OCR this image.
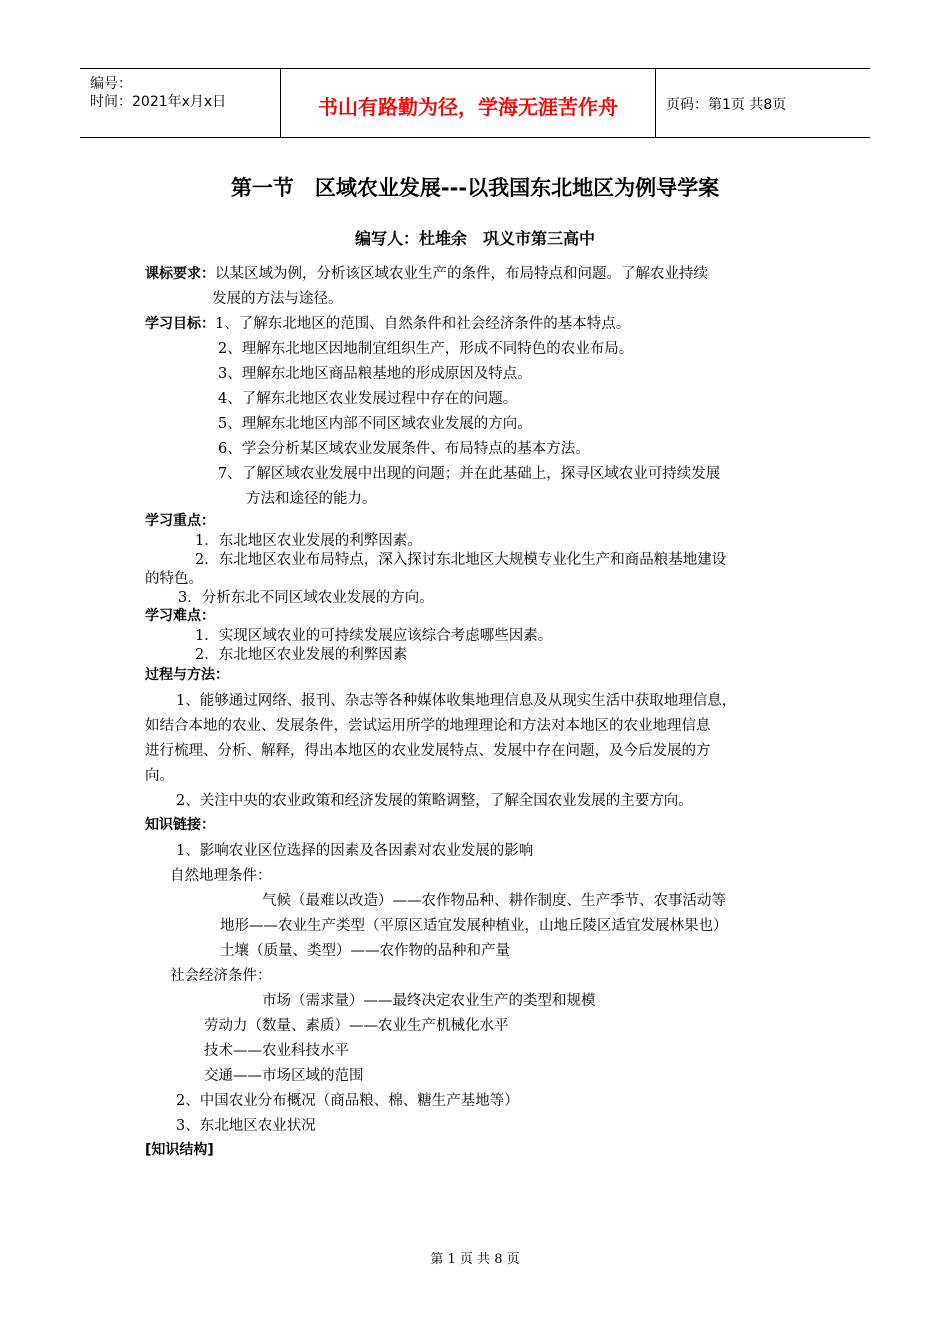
编号：
时间：2021年x月x日	书山有路勤为径，学海无涯苦作舟	页码：第1页 共8页
第一节　区域农业发展---以我国东北地区为例导学案
编写人：杜堆余　巩义市第三高中
课标要求：以某区域为例，分析该区域农业生产的条件，布局特点和问题。了解农业持续
发展的方法与途径。
学习目标：1、了解东北地区的范围、自然条件和社会经济条件的基本特点。
2、理解东北地区因地制宜组织生产，形成不同特色的农业布局。
3、理解东北地区商品粮基地的形成原因及特点。
4、了解东北地区农业发展过程中存在的问题。
5、理解东北地区内部不同区域农业发展的方向。
6、学会分析某区域农业发展条件、布局特点的基本方法。
7、了解区域农业发展中出现的问题；并在此基础上，探寻区域农业可持续发展
方法和途径的能力。
学习重点：
1．东北地区农业发展的利弊因素。
2．东北地区农业布局特点，深入探讨东北地区大规模专业化生产和商品粮基地建设
的特色。
3．分析东北不同区域农业发展的方向。
学习难点：
1．实现区域农业的可持续发展应该综合考虑哪些因素。
2．东北地区农业发展的利弊因素
过程与方法：
1、能够通过网络、报刊、杂志等各种媒体收集地理信息及从现实生活中获取地理信息，
如结合本地的农业、发展条件，尝试运用所学的地理理论和方法对本地区的农业地理信息
进行梳理、分析、解释，得出本地区的农业发展特点、发展中存在问题，及今后发展的方
向。
2、关注中央的农业政策和经济发展的策略调整，了解全国农业发展的主要方向。
知识链接：
1、影响农业区位选择的因素及各因素对农业发展的影响
自然地理条件：
气候（最难以改造）——农作物品种、耕作制度、生产季节、农事活动等
地形——农业生产类型（平原区适宜发展种植业，山地丘陵区适宜发展林果也）
土壤（质量、类型）——农作物的品种和产量
社会经济条件：
市场（需求量）——最终决定农业生产的类型和规模
劳动力（数量、素质）——农业生产机械化水平
技术——农业科技水平
交通——市场区域的范围
2、中国农业分布概况（商品粮、棉、糖生产基地等）
3、东北地区农业状况
[知识结构]
第 1 页 共 8 页
